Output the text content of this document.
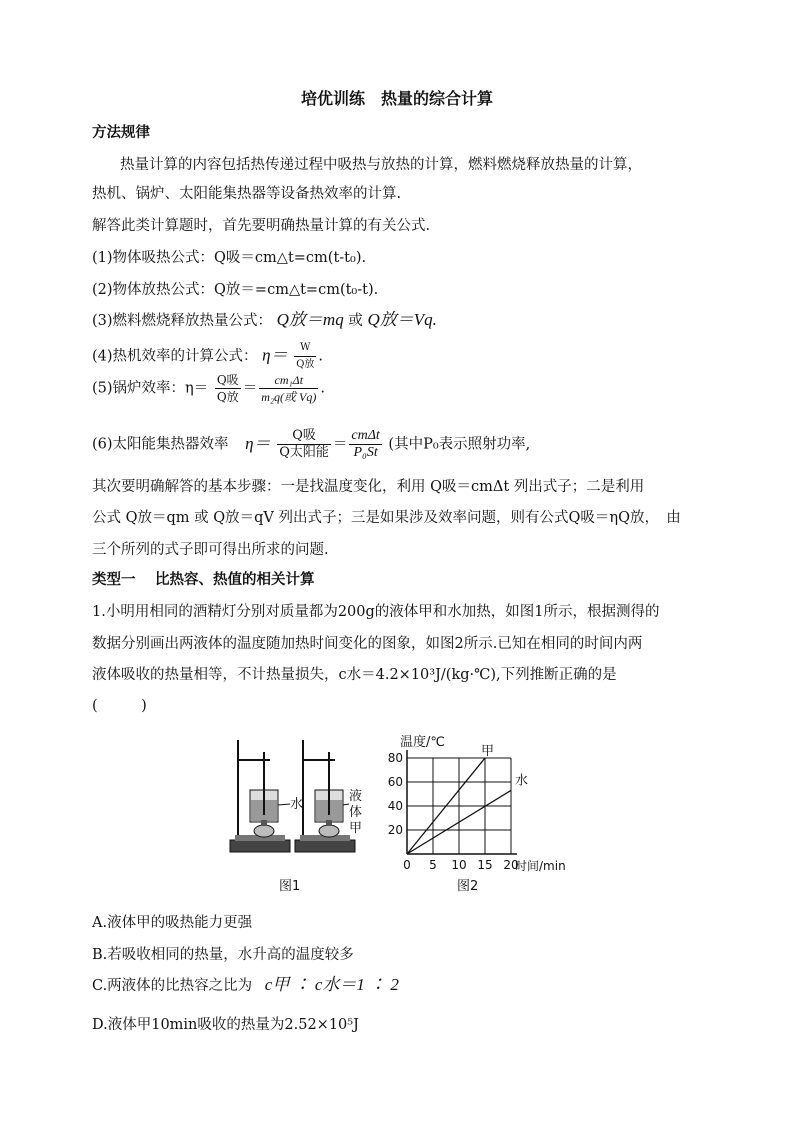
培优训练　热量的综合计算
方法规律
热量计算的内容包括热传递过程中吸热与放热的计算，燃料燃烧释放热量的计算，
热机、锅炉、太阳能集热器等设备热效率的计算.
解答此类计算题时，首先要明确热量计算的有关公式.
(1)物体吸热公式：Q吸＝cm△t=cm(t-t₀).
(2)物体放热公式：Q放＝=cm△t=cm(t₀-t).
(3)燃料燃烧释放热量公式： Q放＝mq 或 Q放＝Vq.
(4)热机效率的计算公式： $\eta= \frac{W}{\text{Q放}}$ .
(5)锅炉效率：$\eta= \frac{\text{Q吸}}{\text{Q放}} = \frac{\text{cm₁Δt}}{\text{m₂q(或 Vq)}}$ .
(6)太阳能集热器效率 $\eta= \frac{\text{Q吸}}{\text{Q太阳能}} = \frac{\text{cmΔt}}{\text{P₀St}}$ (其中P₀表示照射功率,
其次要明确解答的基本步骤：一是找温度变化，利用 Q吸＝cmΔt 列出式子；二是利用
公式 Q放＝qm 或 Q放＝qV 列出式子；三是如果涉及效率问题，则有公式Q吸＝ηQ放，　由
三个所列的式子即可得出所求的问题.
类型一　 比热容、热值的相关计算
1.小明用相同的酒精灯分别对质量都为200g的液体甲和水加热，如图1所示，根据测得的
数据分别画出两液体的温度随加热时间变化的图象，如图2所示.已知在相同的时间内两
液体吸收的热量相等，不计热量损失，c水＝4.2×10³J/(kg·℃),下列推断正确的是
(　　　)
水
液
体
甲
温度/℃
时间/min
20
40
60
80
0 5 10 15 20
甲
水
图1	图2
A.液体甲的吸热能力更强
B.若吸收相同的热量，水升高的温度较多
C.两液体的比热容之比为 c甲 ∶ c水＝1 ∶ 2
D.液体甲10min吸收的热量为2.52×10⁵J
